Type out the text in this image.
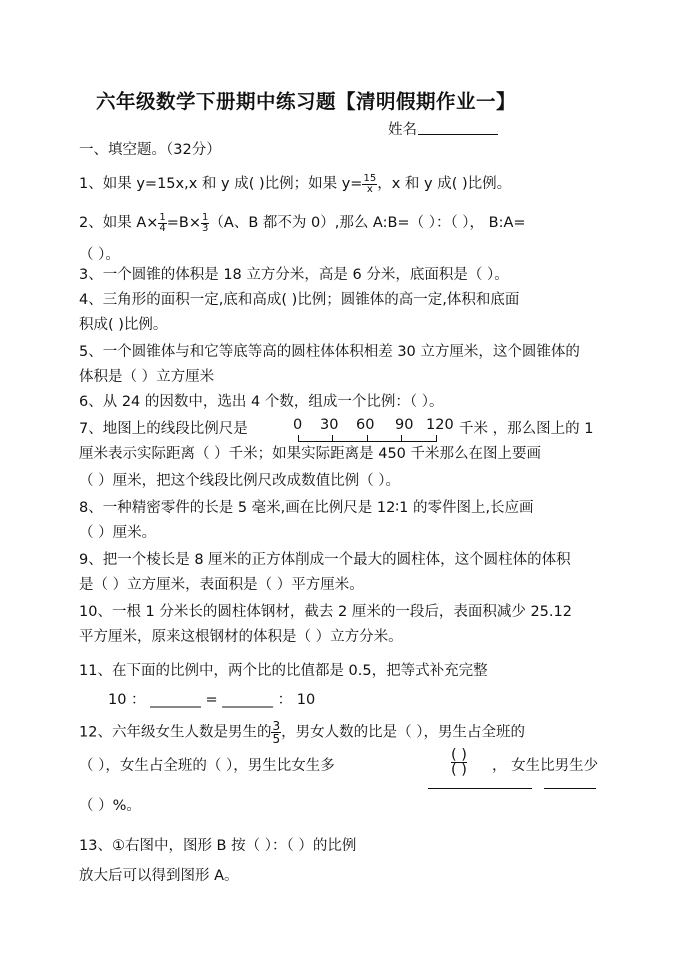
六年级数学下册期中练习题【清明假期作业一】
姓名
一、填空题。（32分）
1、如果 y=15x,x 和 y 成( )比例；如果 $y= \frac{15}{x}$ ，x 和 y 成( )比例。
2、如果 $A\times \frac{1}{4} =B\times \frac{1}{3} (A$、B 都不为 0）,那么 A:B=（ ）：（ ）， B:A=
（ ）。
3、一个圆锥的体积是 18 立方分米，高是 6 分米，底面积是（ ）。
4、三角形的面积一定,底和高成( )比例；圆锥体的高一定,体积和底面
积成( )比例。
5、一个圆锥体与和它等底等高的圆柱体体积相差 30 立方厘米，这个圆锥体的
体积是（ ）立方厘米
6、从 24 的因数中，选出 4 个数，组成一个比例：（ ）。
7、地图上的线段比例尺是	0 30 60 90 120 千米 ，那么图上的 1
厘米表示实际距离（ ）千米；如果实际距离是 450 千米那么在图上要画
（ ）厘米，把这个线段比例尺改成数值比例（ ）。
8、一种精密零件的长是 5 毫米,画在比例尺是 12∶1 的零件图上,长应画
（ ）厘米。
9、把一个棱长是 8 厘米的正方体削成一个最大的圆柱体，这个圆柱体的体积
是（ ）立方厘米，表面积是（ ）平方厘米。
10、一根 1 分米长的圆柱体钢材，截去 2 厘米的一段后，表面积减少 25.12
平方厘米，原来这根钢材的体积是（ ）立方分米。
11、在下面的比例中，两个比的比值都是 0.5，把等式补充完整
10 ： _______ = _______ ： 10
12、六年级女生人数是男生的 $\frac{3}{5}$ ，男女人数的比是（ ），男生占全班的
（ ），女生占全班的（ ），男生比女生多
( )
( ) ， 女生比男生少
（ ）%。
13、①右图中，图形 B 按（ ）：（ ）的比例
放大后可以得到图形 A。
